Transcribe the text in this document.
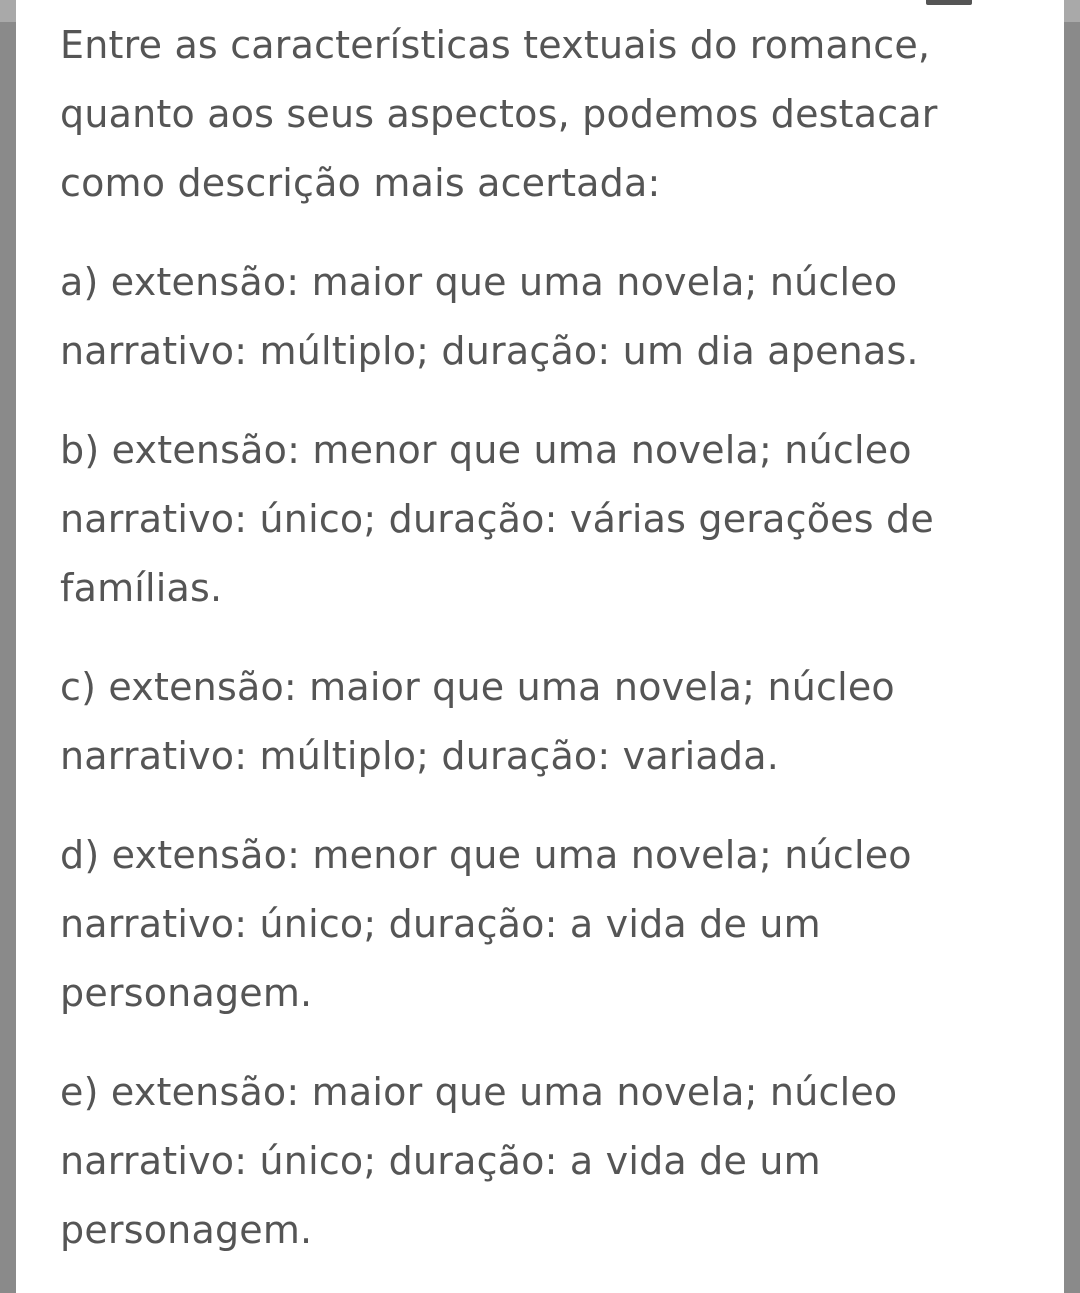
Entre as características textuais do romance, quanto aos seus aspectos, podemos destacar como descrição mais acertada:

a) extensão: maior que uma novela; núcleo narrativo: múltiplo; duração: um dia apenas.

b) extensão: menor que uma novela; núcleo narrativo: único; duração: várias gerações de famílias.

c) extensão: maior que uma novela; núcleo narrativo: múltiplo; duração: variada.

d) extensão: menor que uma novela; núcleo narrativo: único; duração: a vida de um personagem.

e) extensão: maior que uma novela; núcleo narrativo: único; duração: a vida de um personagem.
